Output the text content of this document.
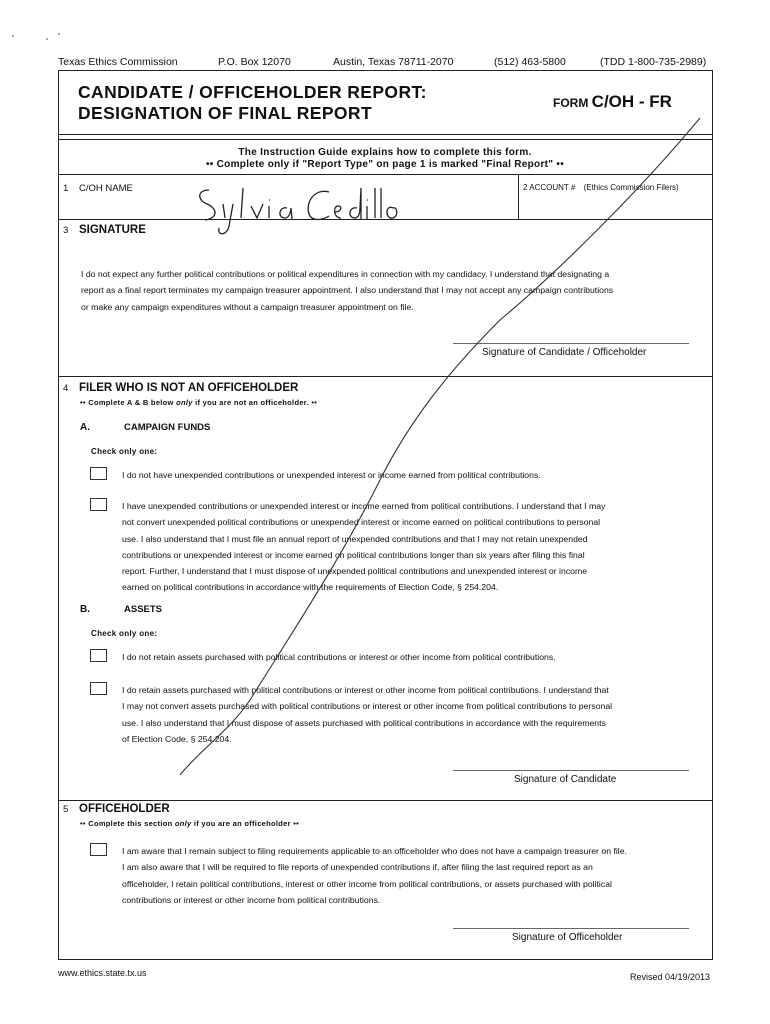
Texas Ethics Commission	P.O. Box 12070	Austin, Texas 78711-2070	(512) 463-5800	(TDD 1-800-735-2989)
CANDIDATE / OFFICEHOLDER REPORT:
DESIGNATION OF FINAL REPORT	FORM C/OH - FR
The Instruction Guide explains how to complete this form.
•• Complete only if "Report Type" on page 1 is marked "Final Report" ••
1 C/OH NAME	2 ACCOUNT # (Ethics Commission Filers)
3 SIGNATURE
I do not expect any further political contributions or political expenditures in connection with my candidacy. I understand that designating a
report as a final report terminates my campaign treasurer appointment. I also understand that I may not accept any campaign contributions
or make any campaign expenditures without a campaign treasurer appointment on file.
Signature of Candidate / Officeholder
4 FILER WHO IS NOT AN OFFICEHOLDER
•• Complete A & B below only if you are not an officeholder. ••
A.	CAMPAIGN FUNDS
Check only one:
I do not have unexpended contributions or unexpended interest or income earned from political contributions.
I have unexpended contributions or unexpended interest or income earned from political contributions. I understand that I may
not convert unexpended political contributions or unexpended interest or income earned on political contributions to personal
use. I also understand that I must file an annual report of unexpended contributions and that I may not retain unexpended
contributions or unexpended interest or income earned on political contributions longer than six years after filing this final
report. Further, I understand that I must dispose of unexpended political contributions and unexpended interest or income
earned on political contributions in accordance with the requirements of Election Code, § 254.204.
B.	ASSETS
Check only one:
I do not retain assets purchased with political contributions or interest or other income from political contributions.
I do retain assets purchased with political contributions or interest or other income from political contributions. I understand that
I may not convert assets purchased with political contributions or interest or other income from political contributions to personal
use. I also understand that I must dispose of assets purchased with political contributions in accordance with the requirements
of Election Code, § 254.204.
Signature of Candidate
5 OFFICEHOLDER
•• Complete this section only if you are an officeholder ••
I am aware that I remain subject to filing requirements applicable to an officeholder who does not have a campaign treasurer on file.
I am also aware that I will be required to file reports of unexpended contributions if, after filing the last required report as an
officeholder, I retain political contributions, interest or other income from political contributions, or assets purchased with political
contributions or interest or other income from political contributions.
Signature of Officeholder
www.ethics.state.tx.us	Revised 04/19/2013
